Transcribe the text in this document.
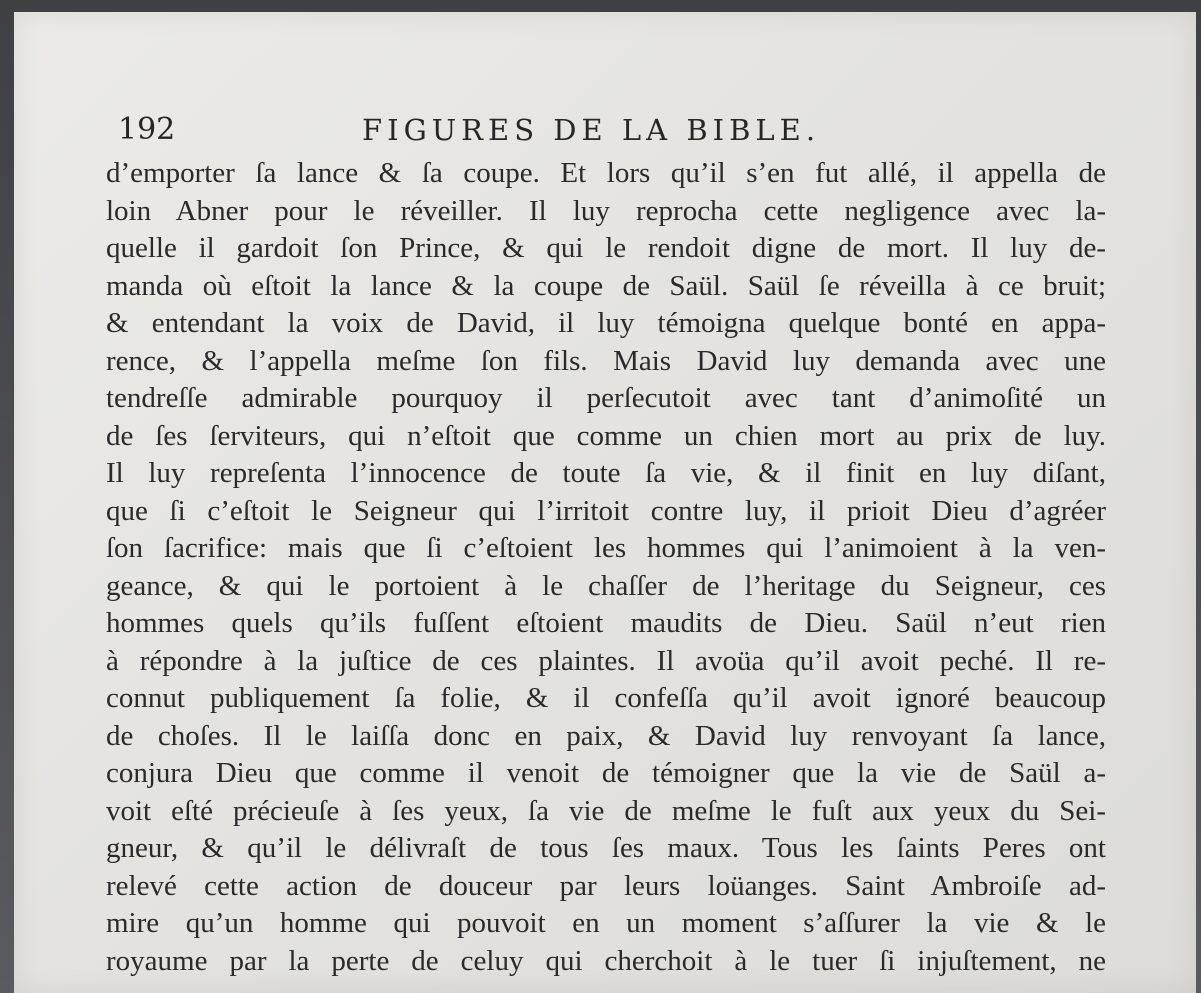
192	FIGURES DE LA BIBLE.
d’emporter ſa lance & ſa coupe. Et lors qu’il s’en fut allé, il appella de
loin Abner pour le réveiller. Il luy reprocha cette negligence avec la-
quelle il gardoit ſon Prince, & qui le rendoit digne de mort. Il luy de-
manda où eſtoit la lance & la coupe de Saül. Saül ſe réveilla à ce bruit;
& entendant la voix de David, il luy témoigna quelque bonté en appa-
rence, & l’appella meſme ſon fils. Mais David luy demanda avec une
tendreſſe admirable pourquoy il perſecutoit avec tant d’animoſité un
de ſes ſerviteurs, qui n’eſtoit que comme un chien mort au prix de luy.
Il luy repreſenta l’innocence de toute ſa vie, & il finit en luy diſant,
que ſi c’eſtoit le Seigneur qui l’irritoit contre luy, il prioit Dieu d’agréer
ſon ſacrifice: mais que ſi c’eſtoient les hommes qui l’animoient à la ven-
geance, & qui le portoient à le chaſſer de l’heritage du Seigneur, ces
hommes quels qu’ils fuſſent eſtoient maudits de Dieu. Saül n’eut rien
à répondre à la juſtice de ces plaintes. Il avoüa qu’il avoit peché. Il re-
connut publiquement ſa folie, & il confeſſa qu’il avoit ignoré beaucoup
de choſes. Il le laiſſa donc en paix, & David luy renvoyant ſa lance,
conjura Dieu que comme il venoit de témoigner que la vie de Saül a-
voit eſté précieuſe à ſes yeux, ſa vie de meſme le fuſt aux yeux du Sei-
gneur, & qu’il le délivraſt de tous ſes maux. Tous les ſaints Peres ont
relevé cette action de douceur par leurs loüanges. Saint Ambroiſe ad-
mire qu’un homme qui pouvoit en un moment s’aſſurer la vie & le
royaume par la perte de celuy qui cherchoit à le tuer ſi injuſtement, ne
